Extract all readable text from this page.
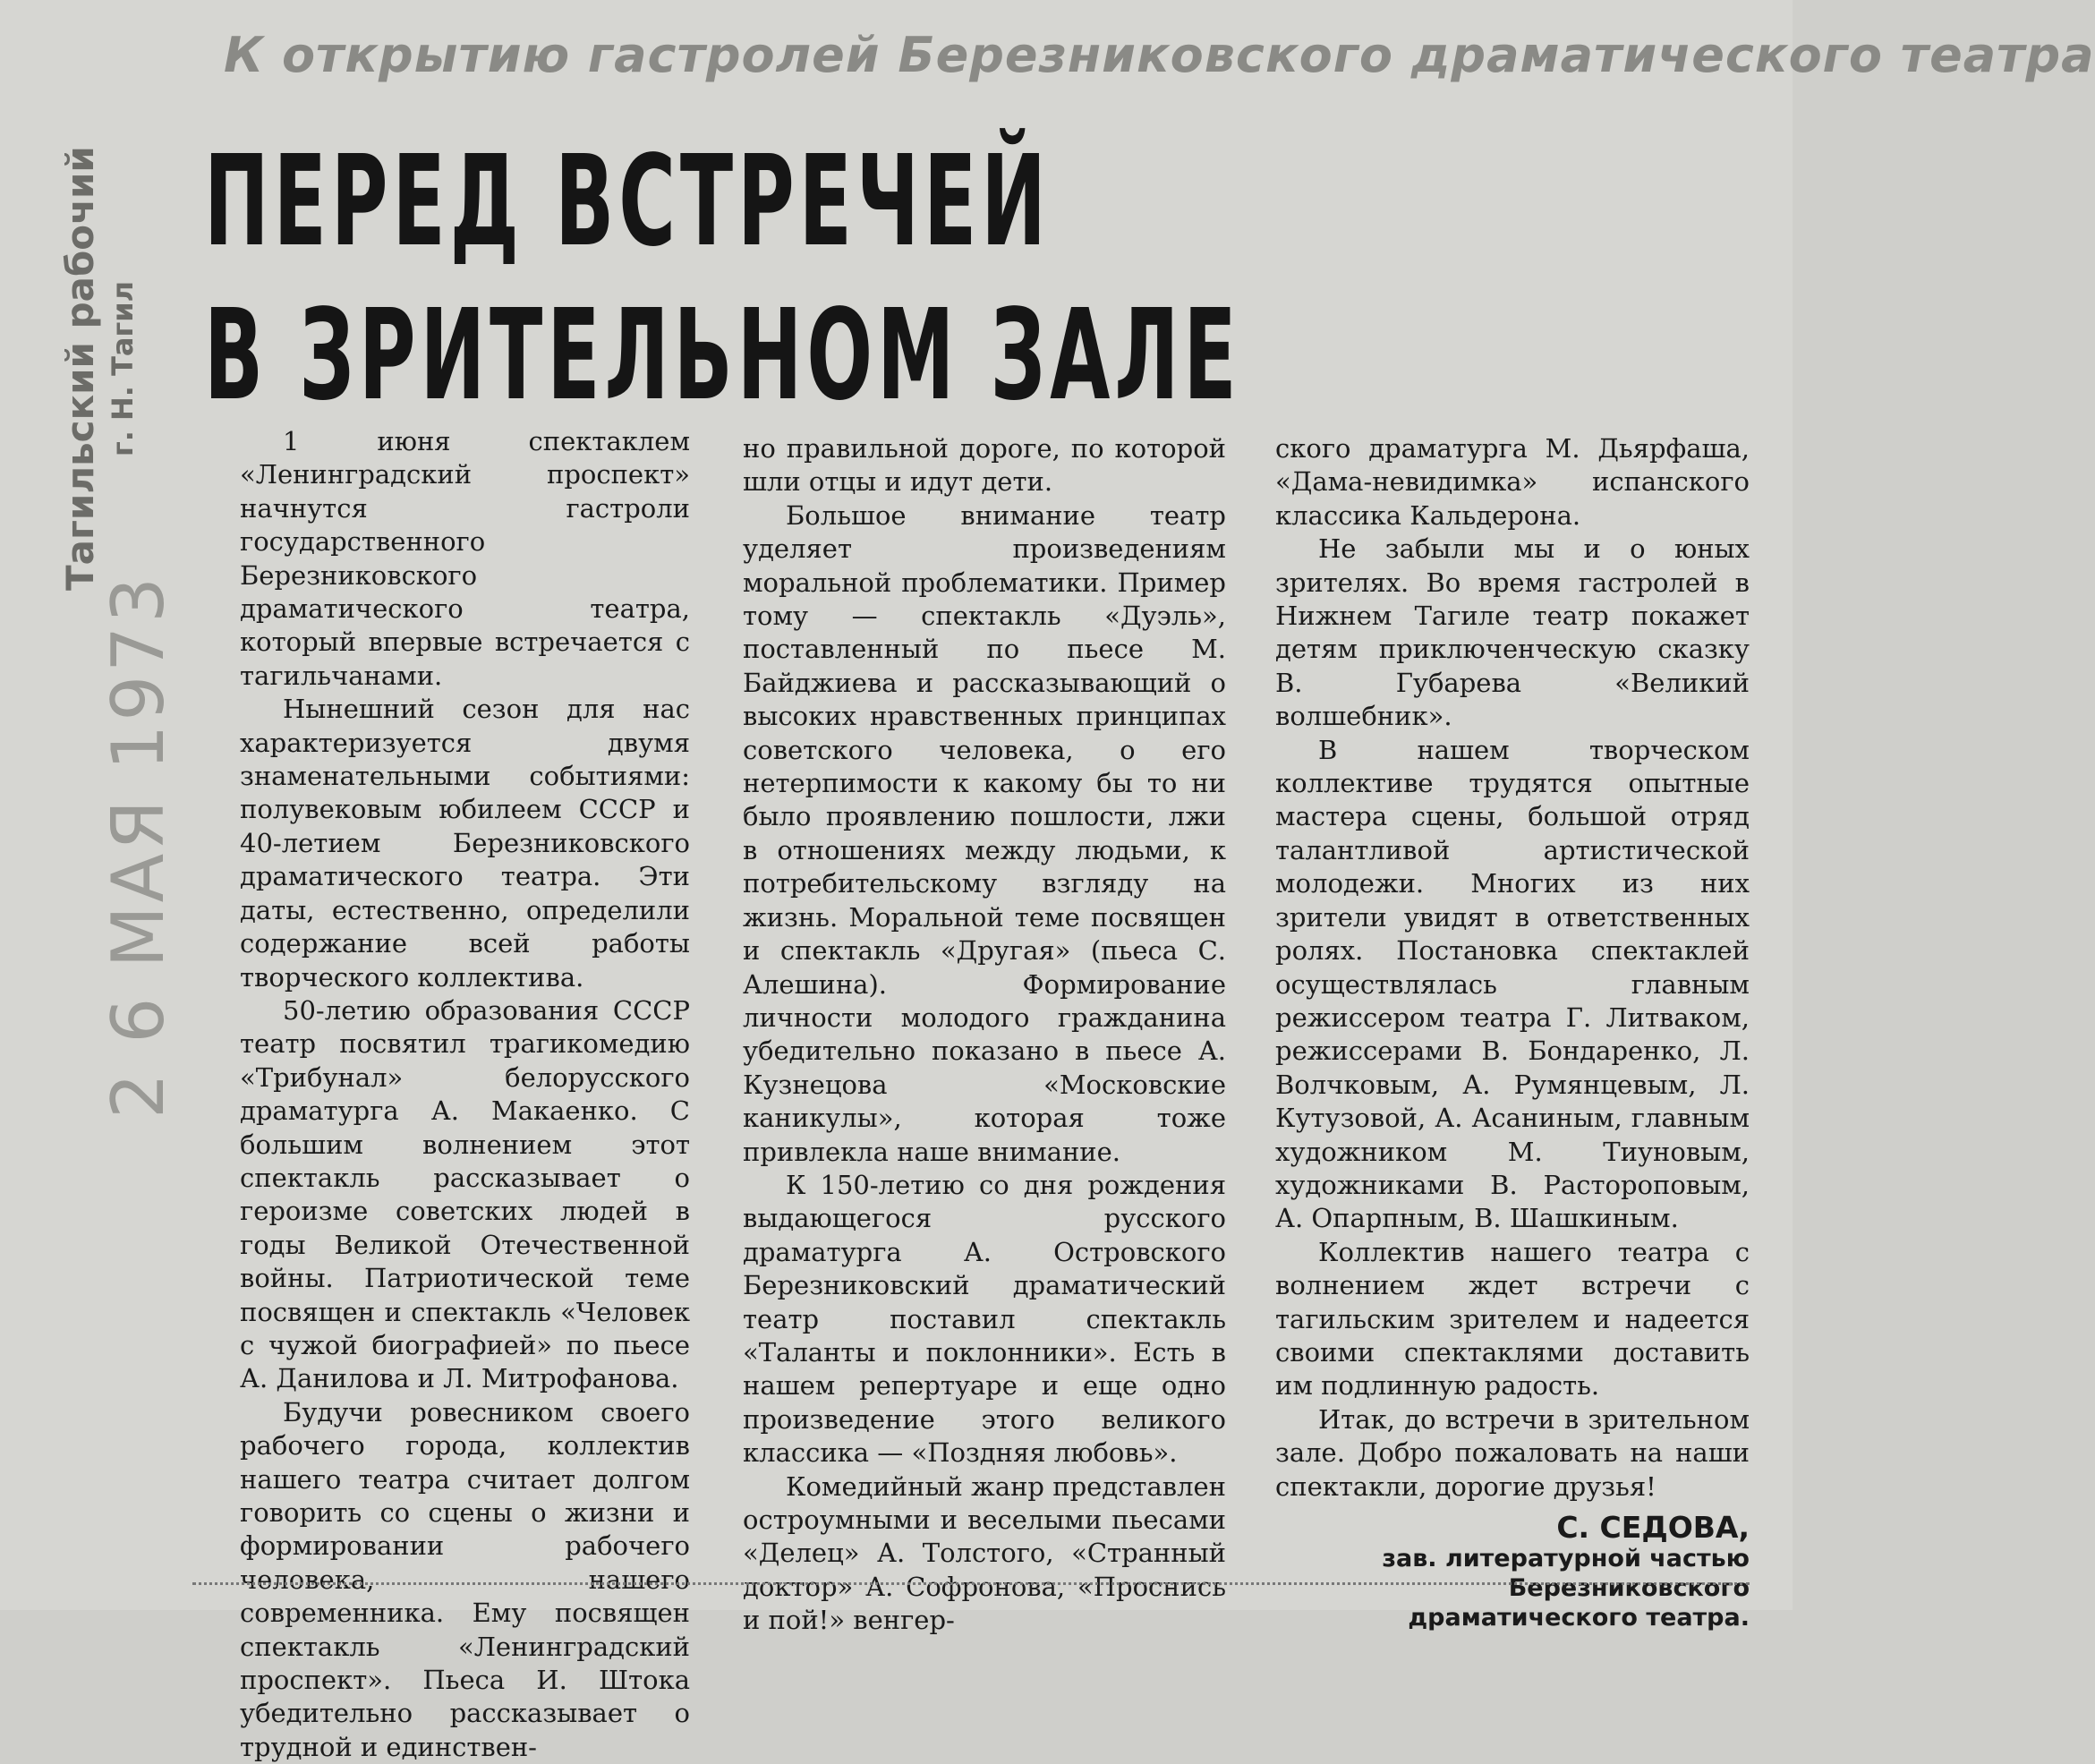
К открытию гастролей Березниковского драматического театра
ПЕРЕД ВСТРЕЧЕЙ
В ЗРИТЕЛЬНОМ ЗАЛЕ
Тагильский рабочий г. Н. Тагил
2 6 МАЯ 1973

1 июня спектаклем «Ленинградский проспект» начнутся гастроли государственного Березниковского драматического театра, который впервые встречается с тагильчанами.

Нынешний сезон для нас характеризуется двумя знаменательными событиями: полувековым юбилеем СССР и 40-летием Березниковского драматического театра. Эти даты, естественно, определили содержание всей работы творческого коллектива.

50-летию образования СССР театр посвятил трагикомедию «Трибунал» белорусского драматурга А. Макаенко. С большим волнением этот спектакль рассказывает о героизме советских людей в годы Великой Отечественной войны. Патриотической теме посвящен и спектакль «Человек с чужой биографией» по пьесе А. Данилова и Л. Митрофанова.

Будучи ровесником своего рабочего города, коллектив нашего театра считает долгом говорить со сцены о жизни и формировании рабочего человека, нашего современника. Ему посвящен спектакль «Ленинградский проспект». Пьеса И. Штока убедительно рассказывает о трудной и единствен-

но правильной дороге, по которой шли отцы и идут дети.

Большое внимание театр уделяет произведениям моральной проблематики. Пример тому — спектакль «Дуэль», поставленный по пьесе М. Байджиева и рассказывающий о высоких нравственных принципах советского человека, о его нетерпимости к какому бы то ни было проявлению пошлости, лжи в отношениях между людьми, к потребительскому взгляду на жизнь. Моральной теме посвящен и спектакль «Другая» (пьеса С. Алешина). Формирование личности молодого гражданина убедительно показано в пьесе А. Кузнецова «Московские каникулы», которая тоже привлекла наше внимание.

К 150-летию со дня рождения выдающегося русского драматурга А. Островского Березниковский драматический театр поставил спектакль «Таланты и поклонники». Есть в нашем репертуаре и еще одно произведение этого великого классика — «Поздняя любовь».

Комедийный жанр представлен остроумными и веселыми пьесами «Делец» А. Толстого, «Странный доктор» А. Софронова, «Проснись и пой!» венгер-

ского драматурга М. Дьярфаша, «Дама-невидимка» испанского классика Кальдерона.

Не забыли мы и о юных зрителях. Во время гастролей в Нижнем Тагиле театр покажет детям приключенческую сказку В. Губарева «Великий волшебник».

В нашем творческом коллективе трудятся опытные мастера сцены, большой отряд талантливой артистической молодежи. Многих из них зрители увидят в ответственных ролях. Постановка спектаклей осуществлялась главным режиссером театра Г. Литваком, режиссерами В. Бондаренко, Л. Волчковым, А. Румянцевым, Л. Кутузовой, А. Асаниным, главным художником М. Тиуновым, художниками В. Растороповым, А. Опарпным, В. Шашкиным.

Коллектив нашего театра с волнением ждет встречи с тагильским зрителем и надеется своими спектаклями доставить им подлинную радость.

Итак, до встречи в зрительном зале. Добро пожаловать на наши спектакли, дорогие друзья!

С. СЕДОВА,
зав. литературной частью
Березниковского
драматического театра.
